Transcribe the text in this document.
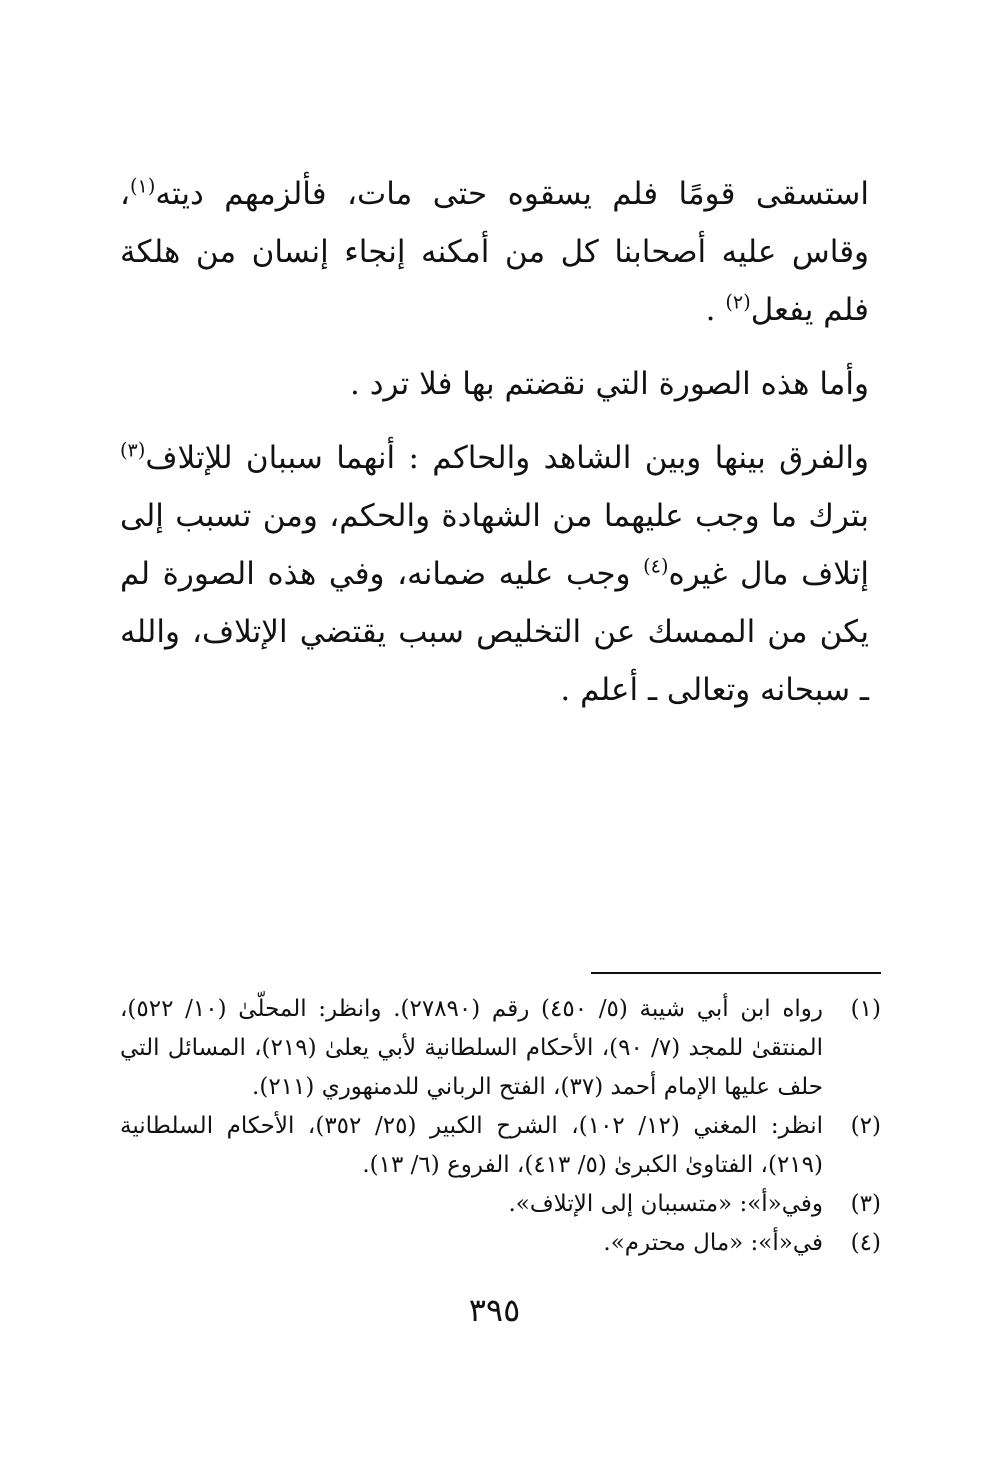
استسقى قومًا فلم يسقوه حتى مات، فألزمهم ديته$^{(١)}$، وقاس عليه أصحابنا كل من أمكنه إنجاء إنسان من هلكة فلم يفعل$^{(٢)}$ .

وأما هذه الصورة التي نقضتم بها فلا ترد .

والفرق بينها وبين الشاهد والحاكم : أنهما سببان للإتلاف$^{(٣)}$ بترك ما وجب عليهما من الشهادة والحكم، ومن تسبب إلى إتلاف مال غيره$^{(٤)}$ وجب عليه ضمانه، وفي هذه الصورة لم يكن من الممسك عن التخليص سبب يقتضي الإتلاف، والله ـ سبحانه وتعالى ـ أعلم .

(١)
رواه ابن أبي شيبة (٥/ ٤٥٠) رقم (٢٧٨٩٠). وانظر: المحلّىٰ (١٠/ ٥٢٢)، المنتقىٰ للمجد (٧/ ٩٠)، الأحكام السلطانية لأبي يعلىٰ (٢١٩)، المسائل التي حلف عليها الإمام أحمد (٣٧)، الفتح الرباني للدمنهوري (٢١١).
(٢)
انظر: المغني (١٢/ ١٠٢)، الشرح الكبير (٢٥/ ٣٥٢)، الأحكام السلطانية (٢١٩)، الفتاوىٰ الكبرىٰ (٥/ ٤١٣)، الفروع (٦/ ١٣).
(٣)
وفي«أ»: «متسببان إلى الإتلاف».
(٤)
في«أ»: «مال محترم».
٣٩٥
